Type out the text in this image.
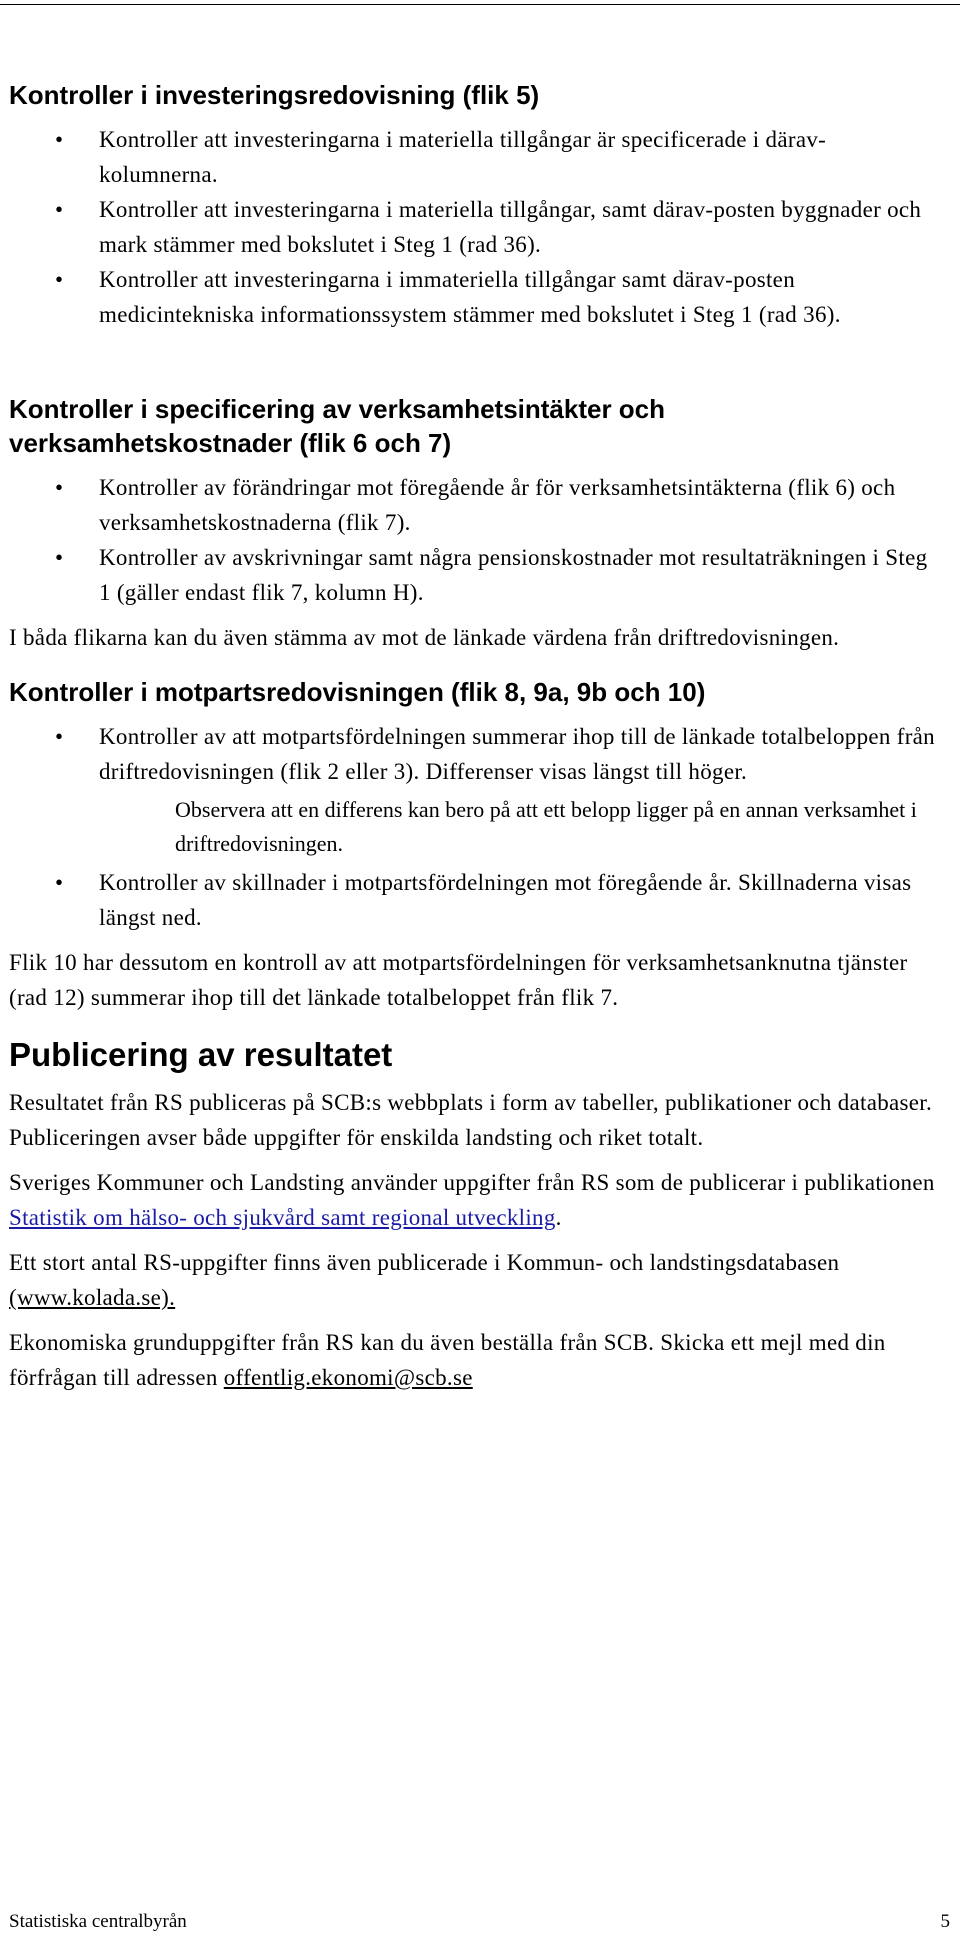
Kontroller i investeringsredovisning (flik 5)
• Kontroller att investeringarna i materiella tillgångar är specificerade i därav-kolumnerna.
• Kontroller att investeringarna i materiella tillgångar, samt därav-posten byggnader och mark stämmer med bokslutet i Steg 1 (rad 36).
• Kontroller att investeringarna i immateriella tillgångar samt därav-posten medicintekniska informationssystem stämmer med bokslutet i Steg 1 (rad 36).
Kontroller i specificering av verksamhetsintäkter och verksamhetskostnader (flik 6 och 7)
• Kontroller av förändringar mot föregående år för verksamhetsintäkterna (flik 6) och verksamhetskostnaderna (flik 7).
• Kontroller av avskrivningar samt några pensionskostnader mot resultaträkningen i Steg 1 (gäller endast flik 7, kolumn H).

I båda flikarna kan du även stämma av mot de länkade värdena från driftredovisningen.

Kontroller i motpartsredovisningen (flik 8, 9a, 9b och 10)
• Kontroller av att motpartsfördelningen summerar ihop till de länkade totalbeloppen från driftredovisningen (flik 2 eller 3). Differenser visas längst till höger.

Observera att en differens kan bero på att ett belopp ligger på en annan verksamhet i driftredovisningen.

• Kontroller av skillnader i motpartsfördelningen mot föregående år. Skillnaderna visas längst ned.

Flik 10 har dessutom en kontroll av att motpartsfördelningen för verksamhetsanknutna tjänster (rad 12) summerar ihop till det länkade totalbeloppet från flik 7.

Publicering av resultatet

Resultatet från RS publiceras på SCB:s webbplats i form av tabeller, publikationer och databaser. Publiceringen avser både uppgifter för enskilda landsting och riket totalt.

Sveriges Kommuner och Landsting använder uppgifter från RS som de publicerar i publikationen Statistik om hälso- och sjukvård samt regional utveckling.

Ett stort antal RS-uppgifter finns även publicerade i Kommun- och landstingsdatabasen (www.kolada.se).

Ekonomiska grunduppgifter från RS kan du även beställa från SCB. Skicka ett mejl med din förfrågan till adressen offentlig.ekonomi@scb.se

Statistiska centralbyrån	5
